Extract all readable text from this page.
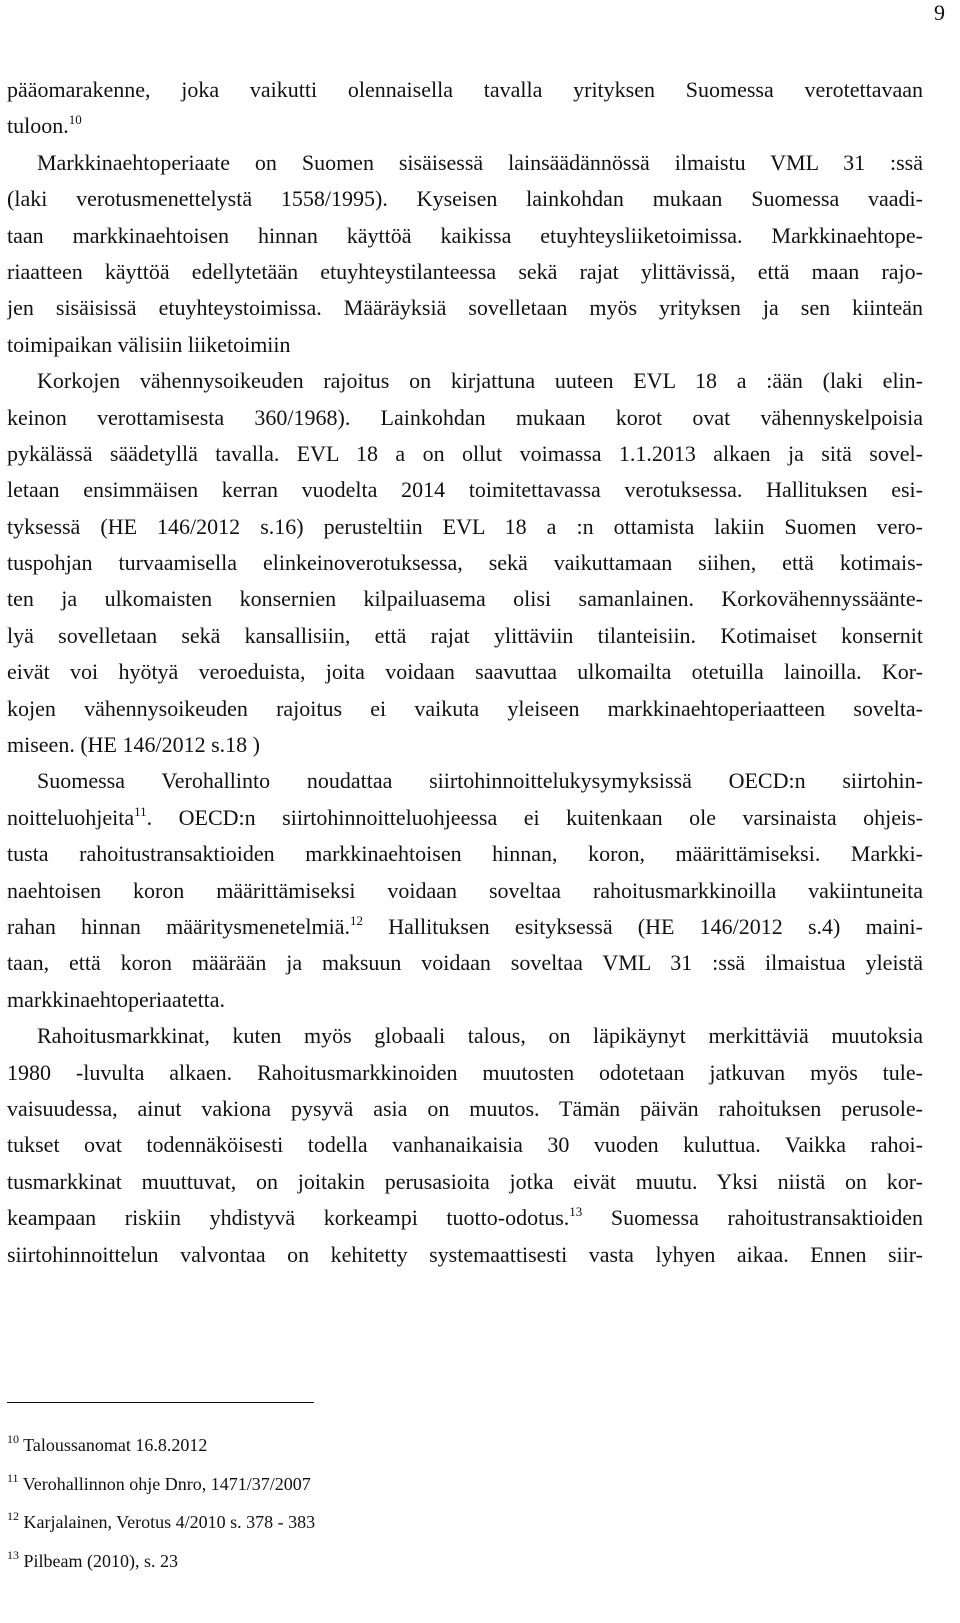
9
pääomarakenne, joka vaikutti olennaisella tavalla yrityksen Suomessa verotettavaan
tuloon.$^{10}$
Markkinaehtoperiaate on Suomen sisäisessä lainsäädännössä ilmaistu VML 31 :ssä
(laki verotusmenettelystä 1558/1995). Kyseisen lainkohdan mukaan Suomessa vaadi-
taan markkinaehtoisen hinnan käyttöä kaikissa etuyhteysliiketoimissa. Markkinaehtope-
riaatteen käyttöä edellytetään etuyhteystilanteessa sekä rajat ylittävissä, että maan rajo-
jen sisäisissä etuyhteystoimissa. Määräyksiä sovelletaan myös yrityksen ja sen kiinteän
toimipaikan välisiin liiketoimiin
Korkojen vähennysoikeuden rajoitus on kirjattuna uuteen EVL 18 a :ään (laki elin-
keinon verottamisesta 360/1968). Lainkohdan mukaan korot ovat vähennyskelpoisia
pykälässä säädetyllä tavalla. EVL 18 a on ollut voimassa 1.1.2013 alkaen ja sitä sovel-
letaan ensimmäisen kerran vuodelta 2014 toimitettavassa verotuksessa. Hallituksen esi-
tyksessä (HE 146/2012 s.16) perusteltiin EVL 18 a :n ottamista lakiin Suomen vero-
tuspohjan turvaamisella elinkeinoverotuksessa, sekä vaikuttamaan siihen, että kotimais-
ten ja ulkomaisten konsernien kilpailuasema olisi samanlainen. Korkovähennyssäänte-
lyä sovelletaan sekä kansallisiin, että rajat ylittäviin tilanteisiin. Kotimaiset konsernit
eivät voi hyötyä veroeduista, joita voidaan saavuttaa ulkomailta otetuilla lainoilla. Kor-
kojen vähennysoikeuden rajoitus ei vaikuta yleiseen markkinaehtoperiaatteen sovelta-
miseen. (HE 146/2012 s.18 )
Suomessa Verohallinto noudattaa siirtohinnoittelukysymyksissä OECD:n siirtohin-
noitteluohjeita$^{11}$. OECD:n siirtohinnoitteluohjeessa ei kuitenkaan ole varsinaista ohjeis-
tusta rahoitustransaktioiden markkinaehtoisen hinnan, koron, määrittämiseksi. Markki-
naehtoisen koron määrittämiseksi voidaan soveltaa rahoitusmarkkinoilla vakiintuneita
rahan hinnan määritysmenetelmiä.$^{12}$ Hallituksen esityksessä (HE 146/2012 s.4) maini-
taan, että koron määrään ja maksuun voidaan soveltaa VML 31 :ssä ilmaistua yleistä
markkinaehtoperiaatetta.
Rahoitusmarkkinat, kuten myös globaali talous, on läpikäynyt merkittäviä muutoksia
1980 -luvulta alkaen. Rahoitusmarkkinoiden muutosten odotetaan jatkuvan myös tule-
vaisuudessa, ainut vakiona pysyvä asia on muutos. Tämän päivän rahoituksen perusole-
tukset ovat todennäköisesti todella vanhanaikaisia 30 vuoden kuluttua. Vaikka rahoi-
tusmarkkinat muuttuvat, on joitakin perusasioita jotka eivät muutu. Yksi niistä on kor-
keampaan riskiin yhdistyvä korkeampi tuotto-odotus.$^{13}$ Suomessa rahoitustransaktioiden
siirtohinnoittelun valvontaa on kehitetty systemaattisesti vasta lyhyen aikaa. Ennen siir-
$^{10}$ Taloussanomat 16.8.2012
$^{11}$ Verohallinnon ohje Dnro, 1471/37/2007
$^{12}$ Karjalainen, Verotus 4/2010 s. 378 - 383
$^{13}$ Pilbeam (2010), s. 23
